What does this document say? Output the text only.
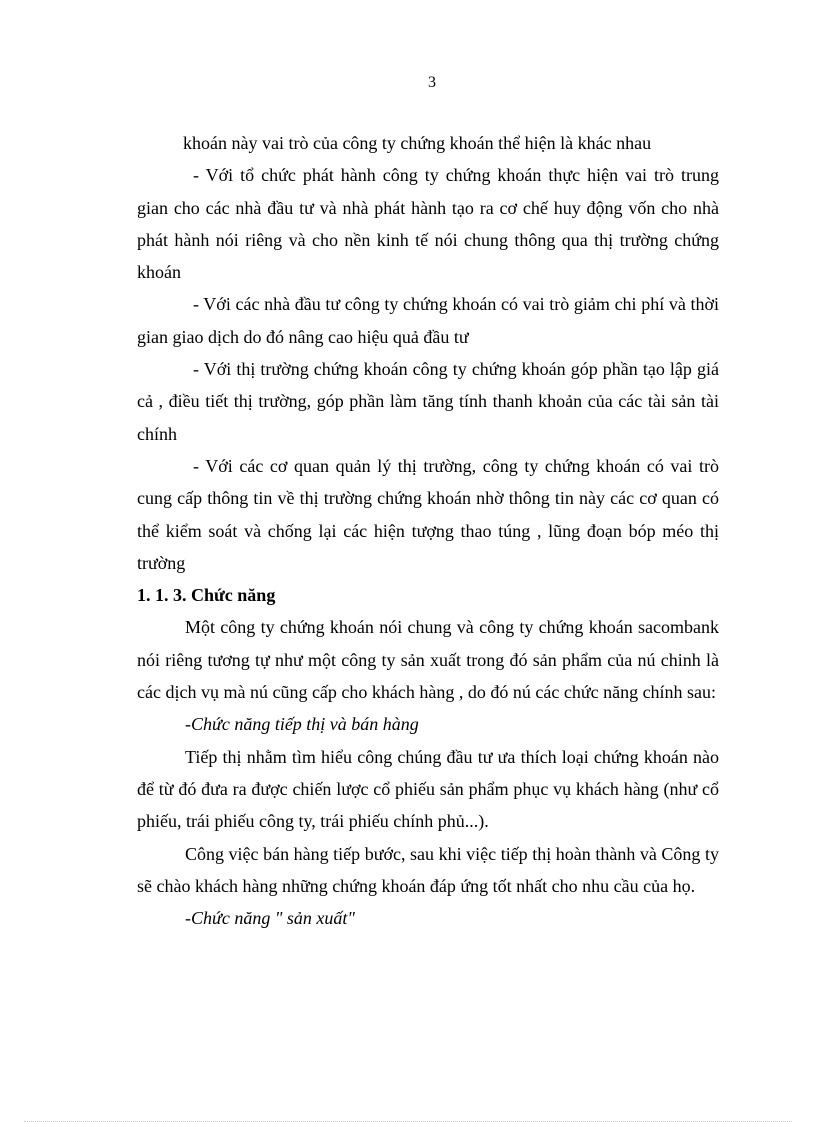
3

khoán này vai trò của công ty chứng khoán thể hiện là khác nhau

- Với tổ chức phát hành công ty chứng khoán thực hiện vai trò trung gian cho các nhà đầu tư và nhà phát hành tạo ra cơ chế huy động vốn cho nhà phát hành nói riêng và cho nền kinh tế nói chung thông qua thị trường chứng khoán

- Với các nhà đầu tư công ty chứng khoán có vai trò giảm chi phí và thời gian giao dịch do đó nâng cao hiệu quả đầu tư

- Với thị trường chứng khoán công ty chứng khoán góp phần tạo lập giá cả , điều tiết thị trường, góp phần làm tăng tính thanh khoản của các tài sản tài chính

- Với các cơ quan quản lý thị trường, công ty chứng khoán có vai trò cung cấp thông tin về thị trường chứng khoán nhờ thông tin này các cơ quan có thể kiểm soát và chống lại các hiện tượng thao túng , lũng đoạn bóp méo thị trường

1. 1. 3. Chức năng

Một công ty chứng khoán nói chung và công ty chứng khoán sacombank nói riêng tương tự như một công ty sản xuất trong đó sản phẩm của nú chinh là các dịch vụ mà nú cũng cấp cho khách hàng , do đó nú các chức năng chính sau:

-Chức năng tiếp thị và bán hàng

Tiếp thị nhằm tìm hiểu công chúng đầu tư ưa thích loại chứng khoán nào để từ đó đưa ra được chiến lược cổ phiếu sản phẩm phục vụ khách hàng (như cổ phiếu, trái phiếu công ty, trái phiếu chính phủ...).

Công việc bán hàng tiếp bước, sau khi việc tiếp thị hoàn thành và Công ty sẽ chào khách hàng những chứng khoán đáp ứng tốt nhất cho nhu cầu của họ.

-Chức năng " sản xuất"
